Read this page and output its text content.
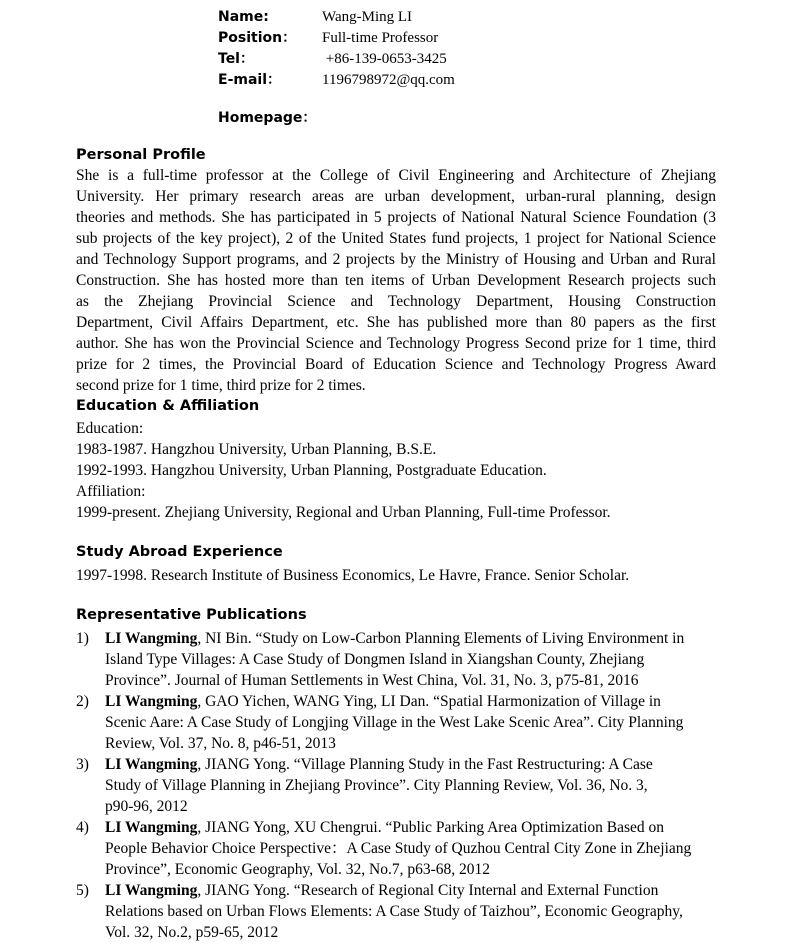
Name:	Wang-Ming LI
Position： Full-time Professor
Tel：	+86-139-0653-3425
E-mail：	1196798972@qq.com
Homepage：
Personal Profile
She is a full-time professor at the College of Civil Engineering and Architecture of Zhejiang
University. Her primary research areas are urban development, urban-rural planning, design
theories and methods. She has participated in 5 projects of National Natural Science Foundation (3
sub projects of the key project), 2 of the United States fund projects, 1 project for National Science
and Technology Support programs, and 2 projects by the Ministry of Housing and Urban and Rural
Construction. She has hosted more than ten items of Urban Development Research projects such
as the Zhejiang Provincial Science and Technology Department, Housing Construction
Department, Civil Affairs Department, etc. She has published more than 80 papers as the first
author. She has won the Provincial Science and Technology Progress Second prize for 1 time, third
prize for 2 times, the Provincial Board of Education Science and Technology Progress Award
second prize for 1 time, third prize for 2 times.
Education & Affiliation
Education:
1983-1987. Hangzhou University, Urban Planning, B.S.E.
1992-1993. Hangzhou University, Urban Planning, Postgraduate Education.
Affiliation:
1999-present. Zhejiang University, Regional and Urban Planning, Full-time Professor.
Study Abroad Experience
1997-1998. Research Institute of Business Economics, Le Havre, France. Senior Scholar.
Representative Publications
1)	LI Wangming, NI Bin. “Study on Low-Carbon Planning Elements of Living Environment in
Island Type Villages: A Case Study of Dongmen Island in Xiangshan County, Zhejiang
Province”. Journal of Human Settlements in West China, Vol. 31, No. 3, p75-81, 2016
2)	LI Wangming, GAO Yichen, WANG Ying, LI Dan. “Spatial Harmonization of Village in
Scenic Aare: A Case Study of Longjing Village in the West Lake Scenic Area”. City Planning
Review, Vol. 37, No. 8, p46-51, 2013
3)	LI Wangming, JIANG Yong. “Village Planning Study in the Fast Restructuring: A Case
Study of Village Planning in Zhejiang Province”. City Planning Review, Vol. 36, No. 3,
p90-96, 2012
4)	LI Wangming, JIANG Yong, XU Chengrui. “Public Parking Area Optimization Based on
People Behavior Choice Perspective：A Case Study of Quzhou Central City Zone in Zhejiang
Province”, Economic Geography, Vol. 32, No.7, p63-68, 2012
5)	LI Wangming, JIANG Yong. “Research of Regional City Internal and External Function
Relations based on Urban Flows Elements: A Case Study of Taizhou”, Economic Geography,
Vol. 32, No.2, p59-65, 2012
